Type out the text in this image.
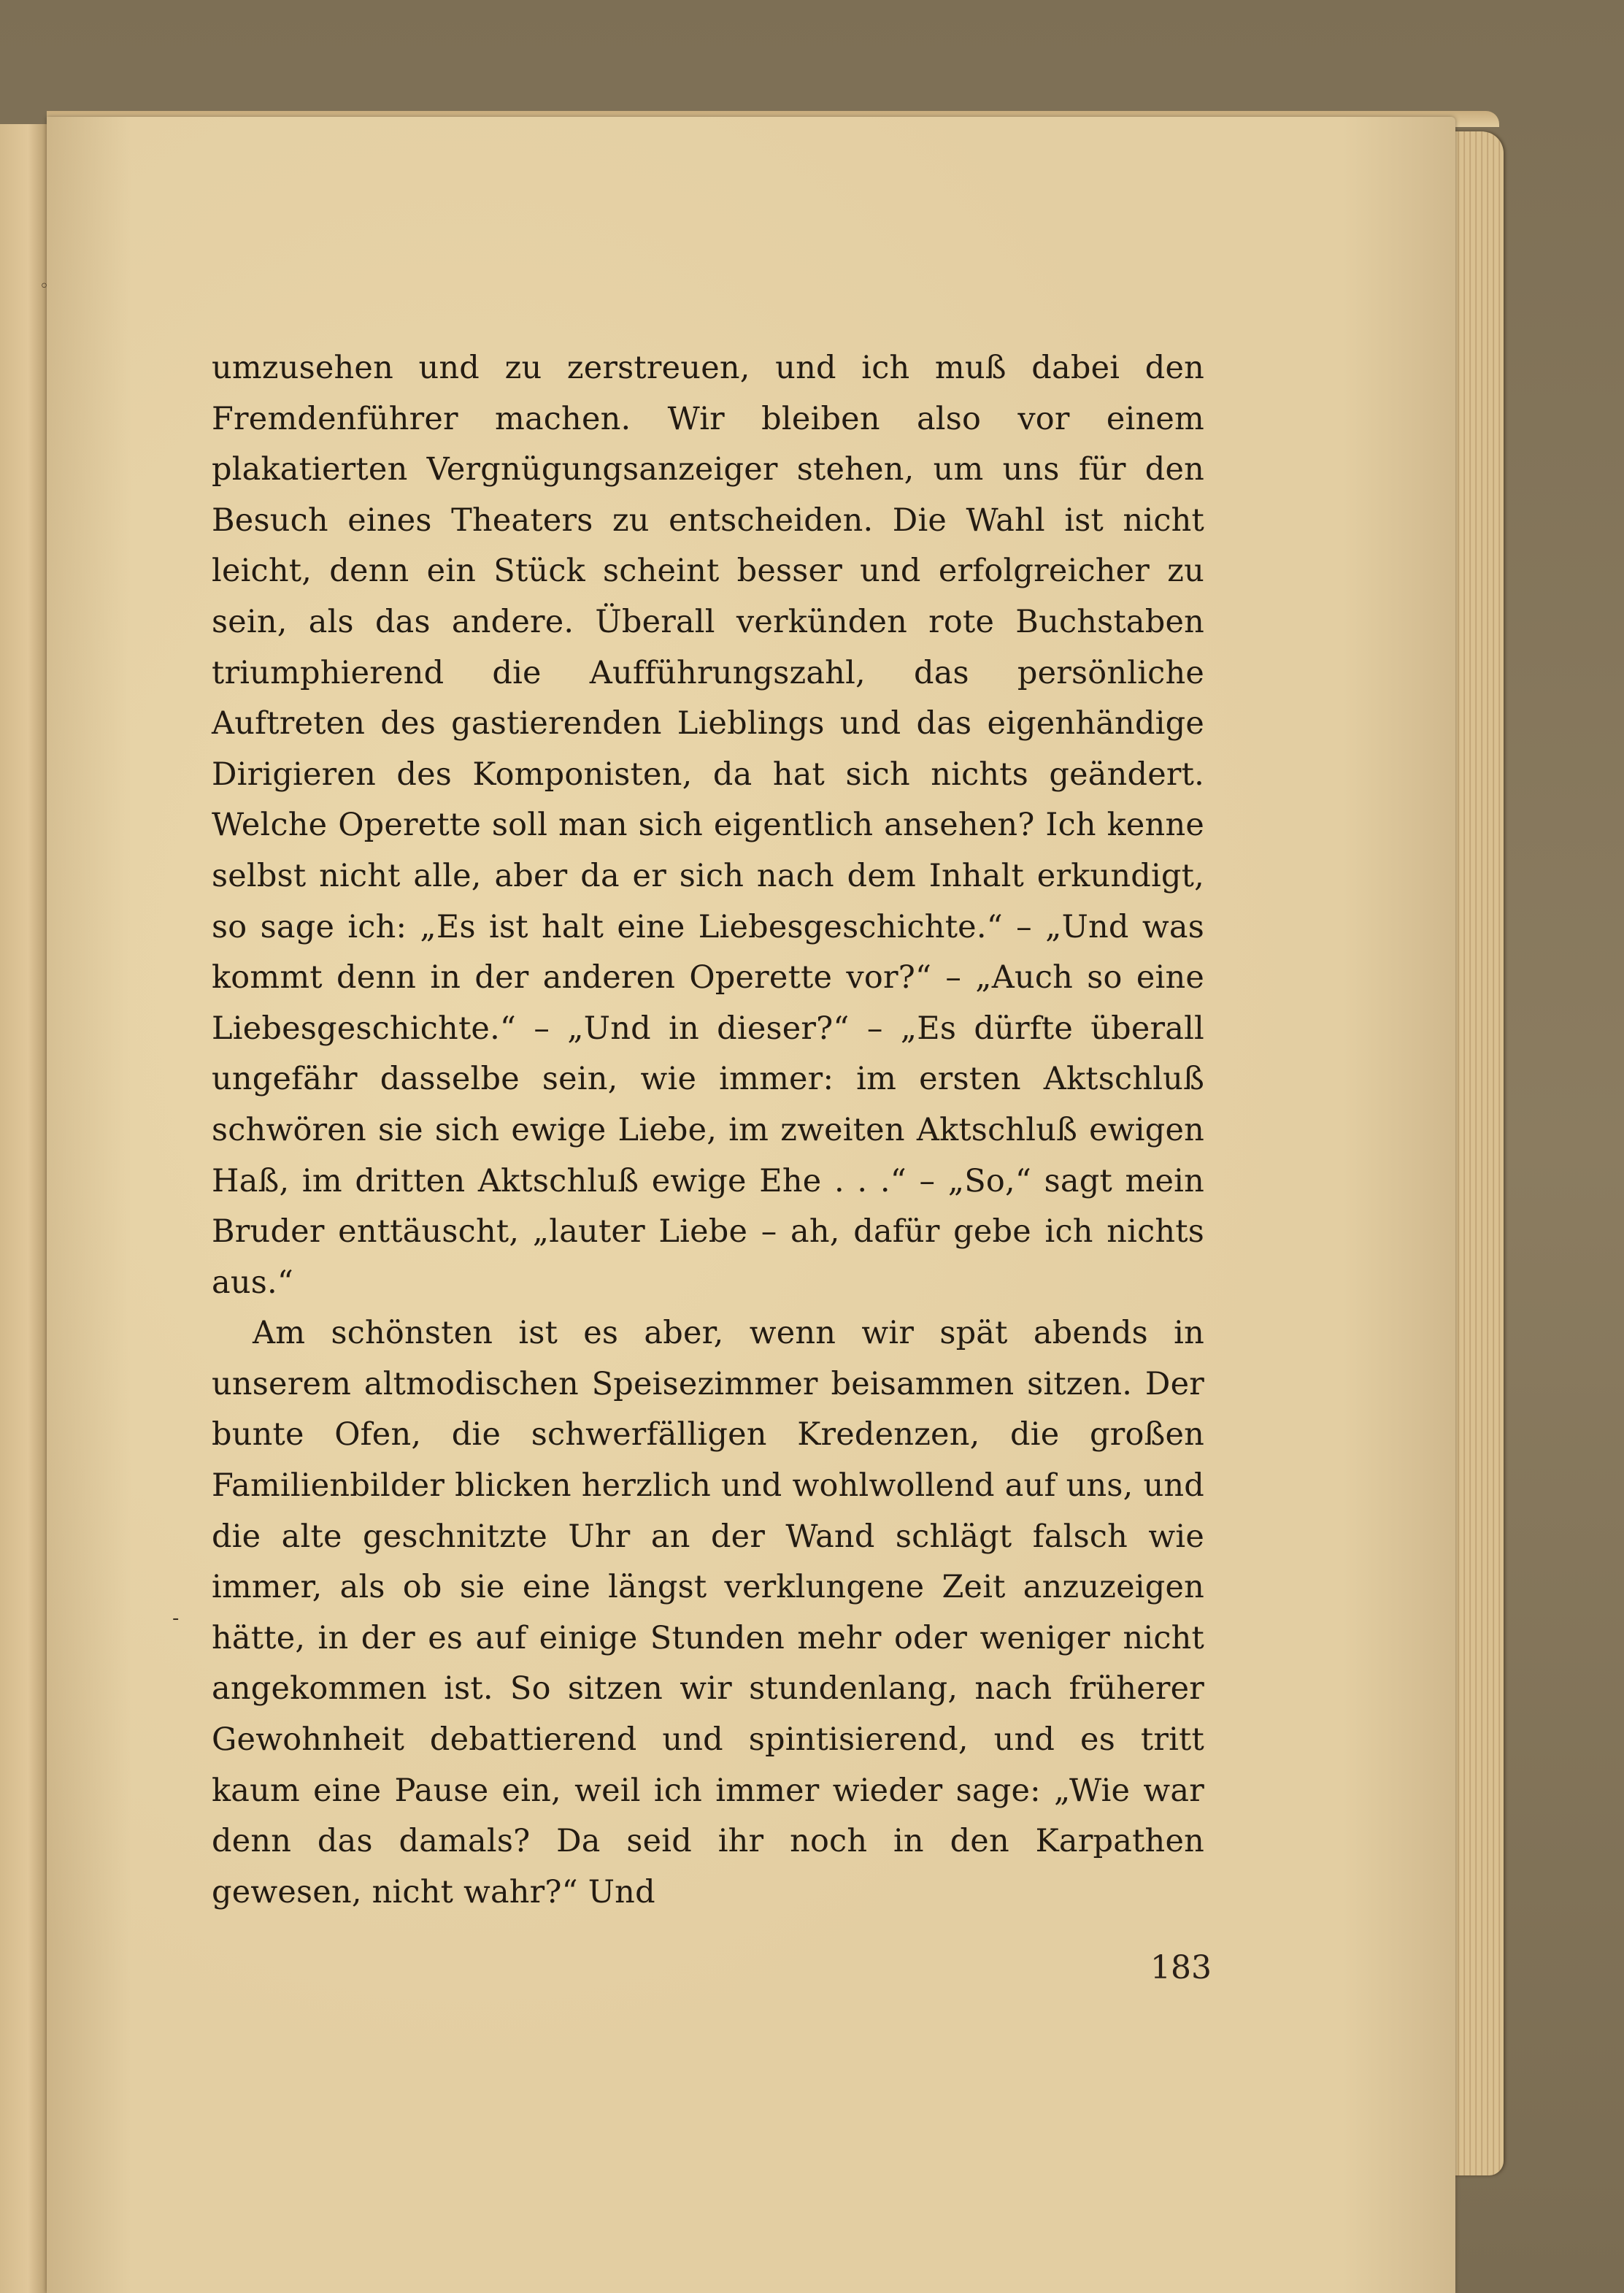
◦
-

umzusehen und zu zerstreuen, und ich muß dabei den Fremdenführer machen. Wir bleiben also vor einem plakatierten Vergnügungsanzeiger stehen, um uns für den Besuch eines Theaters zu entscheiden. Die Wahl ist nicht leicht, denn ein Stück scheint besser und erfolgreicher zu sein, als das andere. Überall verkünden rote Buchstaben triumphierend die Aufführungszahl, das persönliche Auftreten des gastierenden Lieblings und das eigenhändige Dirigieren des Komponisten, da hat sich nichts geändert. Welche Operette soll man sich eigentlich ansehen? Ich kenne selbst nicht alle, aber da er sich nach dem Inhalt erkundigt, so sage ich: „Es ist halt eine Liebesgeschichte.“ – „Und was kommt denn in der anderen Operette vor?“ – „Auch so eine Liebesgeschichte.“ – „Und in dieser?“ – „Es dürfte überall ungefähr dasselbe sein, wie immer: im ersten Aktschluß schwören sie sich ewige Liebe, im zweiten Aktschluß ewigen Haß, im dritten Aktschluß ewige Ehe . . .“ – „So,“ sagt mein Bruder enttäuscht, „lauter Liebe – ah, dafür gebe ich nichts aus.“

Am schönsten ist es aber, wenn wir spät abends in unserem altmodischen Speisezimmer beisammen sitzen. Der bunte Ofen, die schwerfälligen Kredenzen, die großen Familienbilder blicken herzlich und wohlwollend auf uns, und die alte geschnitzte Uhr an der Wand schlägt falsch wie immer, als ob sie eine längst verklungene Zeit anzuzeigen hätte, in der es auf einige Stunden mehr oder weniger nicht angekommen ist. So sitzen wir stundenlang, nach früherer Gewohnheit debattierend und spintisierend, und es tritt kaum eine Pause ein, weil ich immer wieder sage: „Wie war denn das damals? Da seid ihr noch in den Karpathen gewesen, nicht wahr?“ Und

183
